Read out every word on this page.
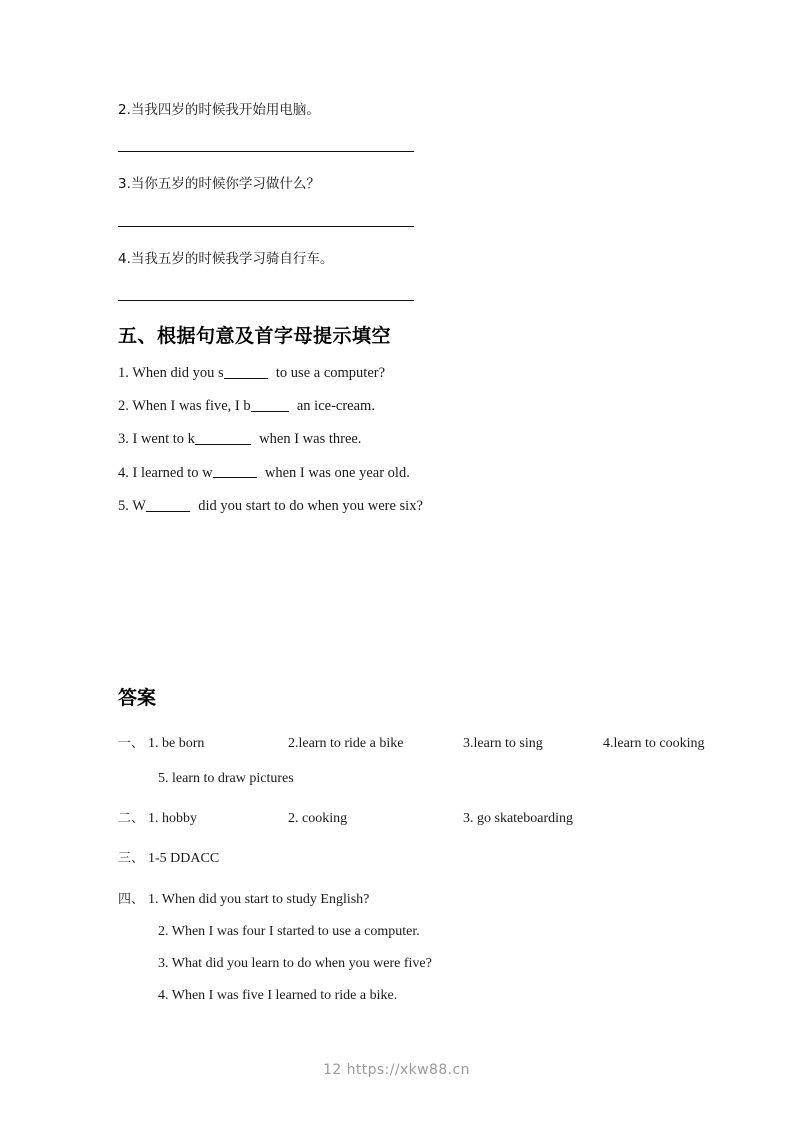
2.当我四岁的时候我开始用电脑。

3.当你五岁的时候你学习做什么？

4.当我五岁的时候我学习骑自行车。

五、根据句意及首字母提示填空
1. When did you s	to use a computer?
2. When I was five, I b	an ice-cream.
3. I went to k	when I was three.
4. I learned to w	when I was one year old.
5. W	did you start to do when you were six?
答案
一、 1. be born	2.learn to ride a bike	3.learn to sing	4.learn to cooking

5. learn to draw pictures

二、 1. hobby	2. cooking	3. go skateboarding
三、 1-5 DDACC
四、 1. When did you start to study English?

2. When I was four I started to use a computer.

3. What did you learn to do when you were five?

4. When I was five I learned to ride a bike.

12 https://xkw88.cn
